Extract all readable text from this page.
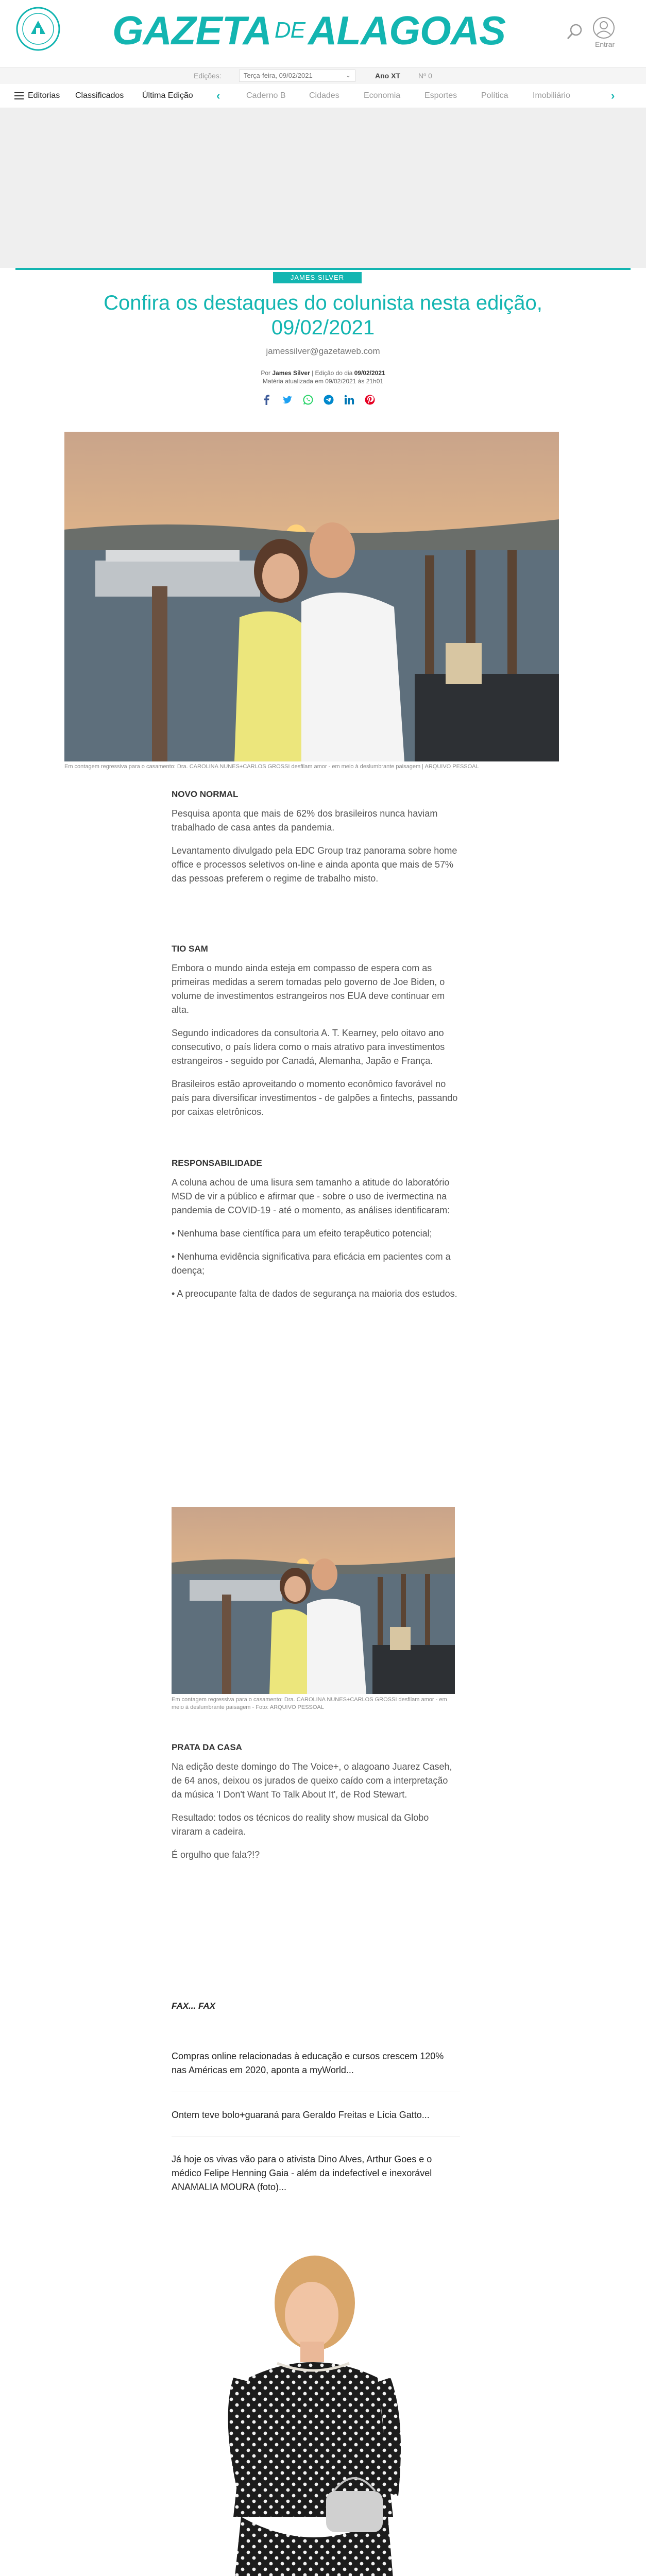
GAZETA DEALAGOAS	Entrar
Edições:	Terça-feira, 09/02/2021	⌄	Ano XT	Nº 0
Editorias Classificados Última Edição ‹	Caderno B	Cidades	Economia	Esportes	Política	Imobiliário	›
JAMES SILVER
Confira os destaques do colunista nesta edição, 09/02/2021
jamessilver@gazetaweb.com
Por James Silver | Edição do dia 09/02/2021
Matéria atualizada em 09/02/2021 às 21h01
Em contagem regressiva para o casamento: Dra. CAROLINA NUNES+CARLOS GROSSI desfilam amor - em meio à deslumbrante paisagem | ARQUIVO PESSOAL
NOVO NORMAL

Pesquisa aponta que mais de 62% dos brasileiros nunca haviam trabalhado de casa antes da pandemia.

Levantamento divulgado pela EDC Group traz panorama sobre home office e processos seletivos on-line e ainda aponta que mais de 57% das pessoas preferem o regime de trabalho misto.

TIO SAM

Embora o mundo ainda esteja em compasso de espera com as primeiras medidas a serem tomadas pelo governo de Joe Biden, o volume de investimentos estrangeiros nos EUA deve continuar em alta.

Segundo indicadores da consultoria A. T. Kearney, pelo oitavo ano consecutivo, o país lidera como o mais atrativo para investimentos estrangeiros - seguido por Canadá, Alemanha, Japão e França.

Brasileiros estão aproveitando o momento econômico favorável no país para diversificar investimentos - de galpões a fintechs, passando por caixas eletrônicos.

RESPONSABILIDADE

A coluna achou de uma lisura sem tamanho a atitude do laboratório MSD de vir a público e afirmar que - sobre o uso de ivermectina na pandemia de COVID-19 - até o momento, as análises identificaram:

• Nenhuma base científica para um efeito terapêutico potencial;

• Nenhuma evidência significativa para eficácia em pacientes com a doença;

• A preocupante falta de dados de segurança na maioria dos estudos.

Em contagem regressiva para o casamento: Dra. CAROLINA NUNES+CARLOS GROSSI desfilam amor - em meio à deslumbrante paisagem - Foto: ARQUIVO PESSOAL
PRATA DA CASA

Na edição deste domingo do The Voice+, o alagoano Juarez Caseh, de 64 anos, deixou os jurados de queixo caído com a interpretação da música 'I Don't Want To Talk About It', de Rod Stewart.

Resultado: todos os técnicos do reality show musical da Globo viraram a cadeira.

É orgulho que fala?!?

FAX... FAX
Compras online relacionadas à educação e cursos crescem 120% nas Américas em 2020, aponta a myWorld...
Ontem teve bolo+guaraná para Geraldo Freitas e Lícia Gatto...
Já hoje os vivas vão para o ativista Dino Alves, Arthur Goes e o médico Felipe Henning Gaia - além da indefectível e inexorável ANAMALIA MOURA (foto)...
